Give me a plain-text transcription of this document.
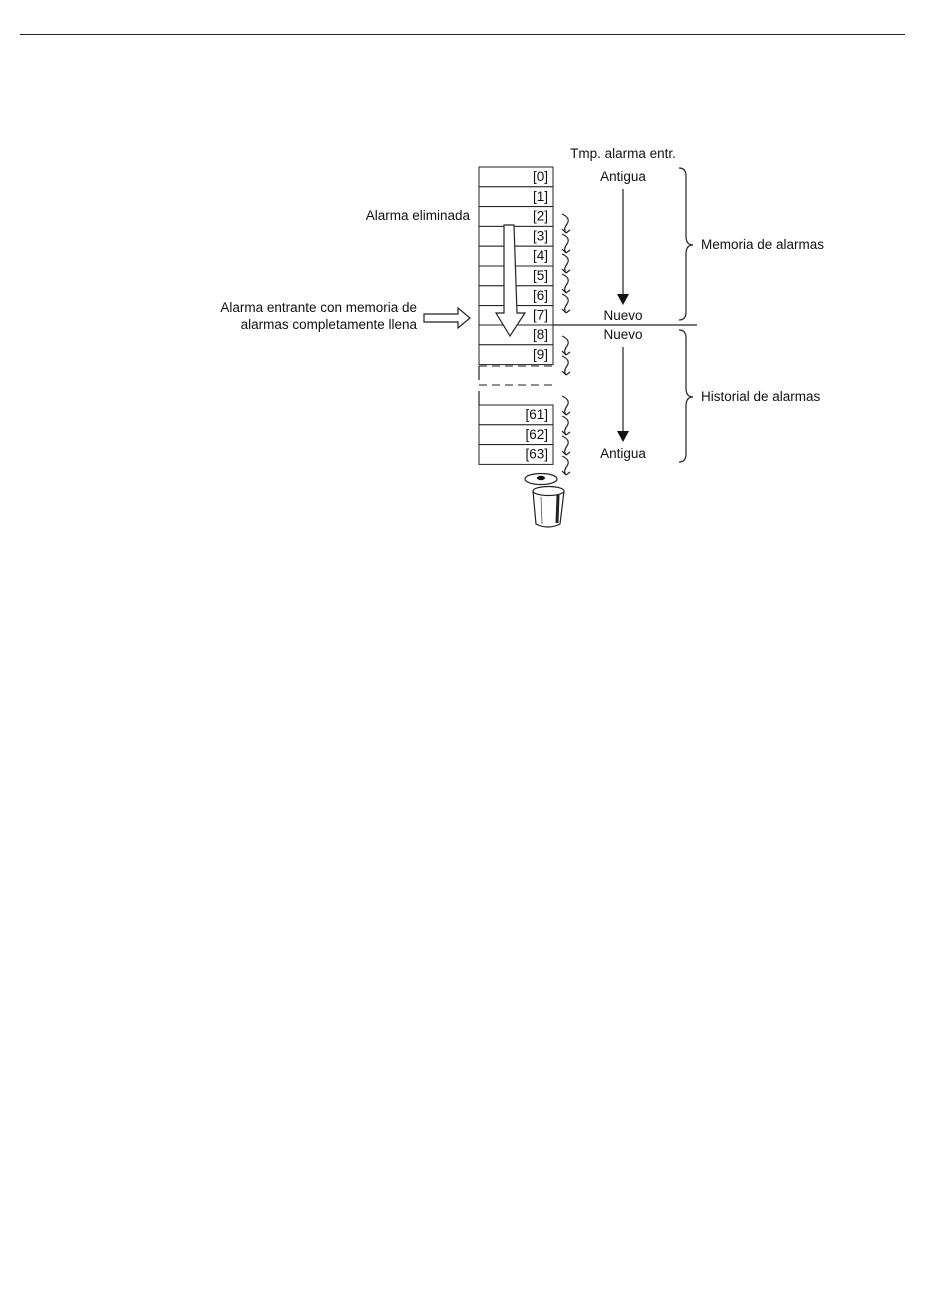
Tmp. alarma entr.
[0]
[1]
[2]
[3]
[4]
[5]
[6]
[7]
[8]
[9]
[61]
[62]
[63]
Alarma eliminada
Alarma entrante con memoria de
alarmas completamente llena
Antigua
Nuevo
Nuevo
Antigua
Memoria de alarmas
Historial de alarmas
